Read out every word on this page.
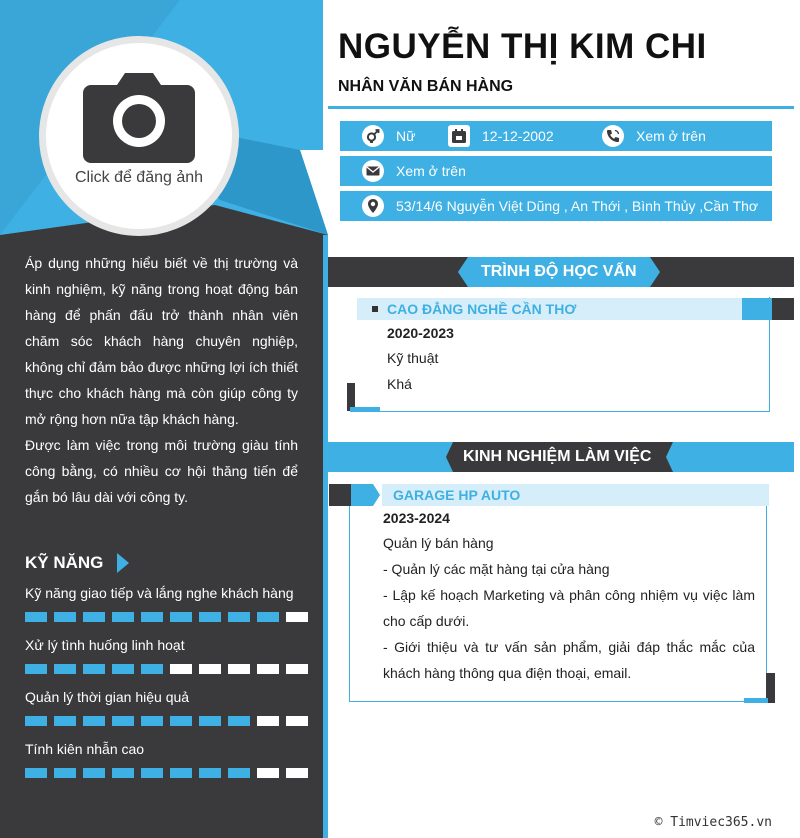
Click để đăng ảnh

Áp dụng những hiểu biết về thị trường và kinh nghiệm, kỹ năng trong hoạt động bán hàng để phấn đấu trở thành nhân viên chăm sóc khách hàng chuyên nghiệp, không chỉ đảm bảo được những lợi ích thiết thực cho khách hàng mà còn giúp công ty mở rộng hơn nữa tập khách hàng.

Được làm việc trong môi trường giàu tính công bằng, có nhiều cơ hội thăng tiến để gắn bó lâu dài với công ty.

KỸ NĂNG
Kỹ năng giao tiếp và lắng nghe khách hàng
Xử lý tình huống linh hoạt
Quản lý thời gian hiệu quả
Tính kiên nhẫn cao
NGUYỄN THỊ KIM CHI
NHÂN VĂN BÁN HÀNG
Nữ	12-12-2002	Xem ở trên
Xem ở trên
53/14/6 Nguyễn Việt Dũng , An Thới , Bình Thủy ,Cần Thơ
TRÌNH ĐỘ HỌC VẤN
CAO ĐẲNG NGHỀ CẦN THƠ
2020-2023
Kỹ thuật
Khá
KINH NGHIỆM LÀM VIỆC
GARAGE HP AUTO
2023-2024
Quản lý bán hàng

- Quản lý các mặt hàng tại cửa hàng

- Lập kế hoạch Marketing và phân công nhiệm vụ việc làm cho cấp dưới.

- Giới thiệu và tư vấn sản phẩm, giải đáp thắc mắc của khách hàng thông qua điện thoại, email.

© Timviec365.vn
